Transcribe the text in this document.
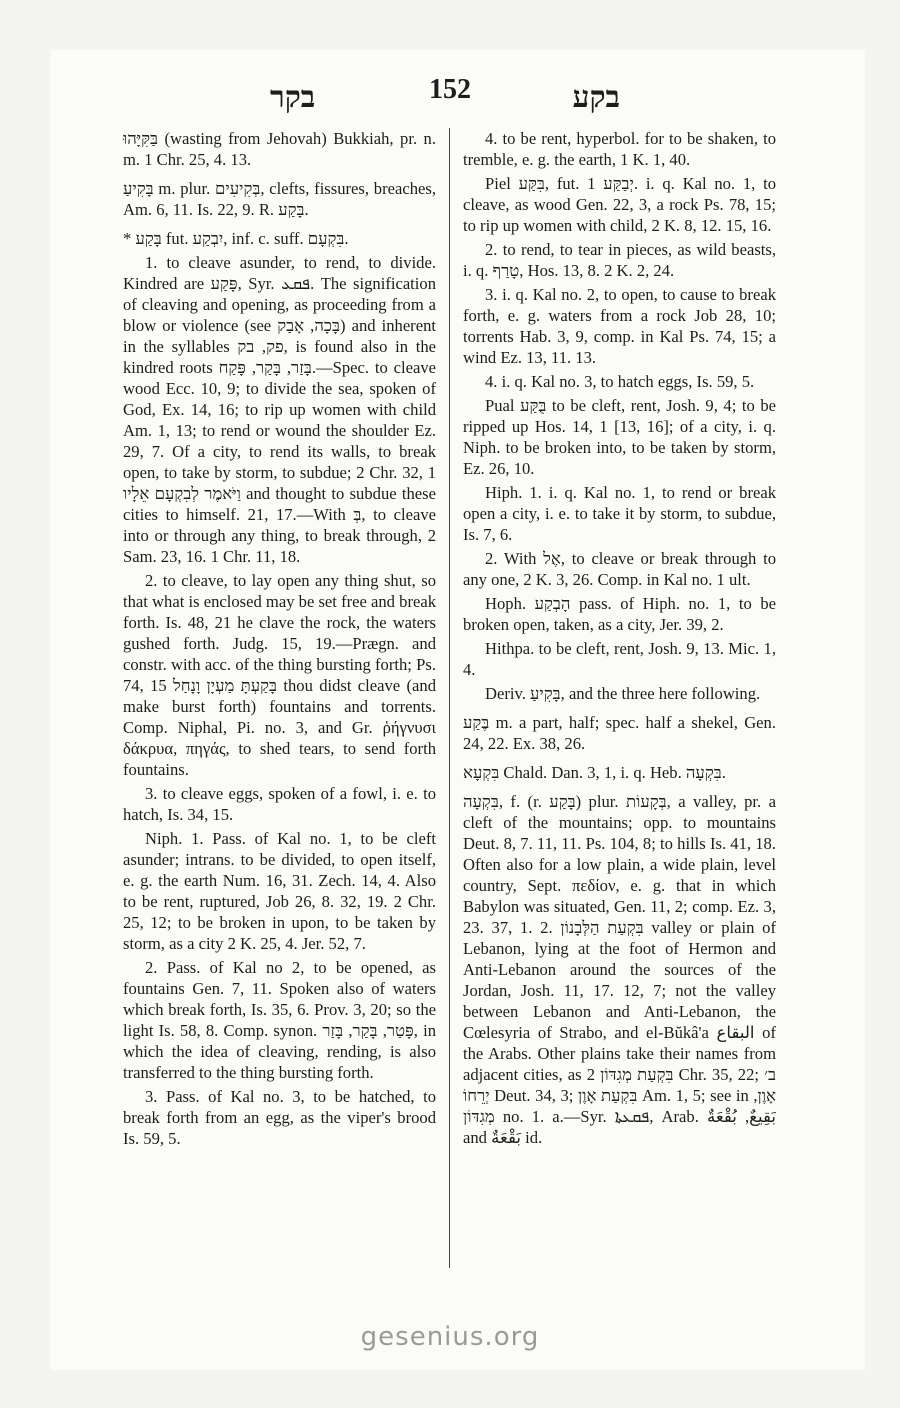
בקר	152	בקע

בַּקִּיָּהוּ (wasting from Jehovah) Bukkiah, pr. n. m. 1 Chr. 25, 4. 13.

בָּקִיעַ m. plur. בְּקִיעִים, clefts, fissures, breaches, Am. 6, 11. Is. 22, 9. R. בָּקַע.

* בָּקַע fut. יִבְקַע, inf. c. suff. בִּקְעָם.

1. to cleave asunder, to rend, to divide. Kindred are פָּקַע, Syr. ܦܩܥ. The signification of cleaving and opening, as proceeding from a blow or violence (see בָּכָה, אָבַק) and inherent in the syllables פק, בק, is found also in the kindred roots בָּזַר, בָּקַר, פָּקַח.—Spec. to cleave wood Ecc. 10, 9; to divide the sea, spoken of God, Ex. 14, 16; to rip up women with child Am. 1, 13; to rend or wound the shoulder Ez. 29, 7. Of a city, to rend its walls, to break open, to take by storm, to subdue; 2 Chr. 32, 1 וַיֹּאמֶר לְבִקְעָם אֵלָיו and thought to subdue these cities to himself. 21, 17.—With בְּ, to cleave into or through any thing, to break through, 2 Sam. 23, 16. 1 Chr. 11, 18.

2. to cleave, to lay open any thing shut, so that what is enclosed may be set free and break forth. Is. 48, 21 he clave the rock, the waters gushed forth. Judg. 15, 19.—Prægn. and constr. with acc. of the thing bursting forth; Ps. 74, 15 בָּקַעְתָּ מַעְיָן וָנָחַל thou didst cleave (and make burst forth) fountains and torrents. Comp. Niphal, Pi. no. 3, and Gr. ῥήγνυσι δάκρυα, πηγάς, to shed tears, to send forth fountains.

3. to cleave eggs, spoken of a fowl, i. e. to hatch, Is. 34, 15.

Niph. 1. Pass. of Kal no. 1, to be cleft asunder; intrans. to be divided, to open itself, e. g. the earth Num. 16, 31. Zech. 14, 4. Also to be rent, ruptured, Job 26, 8. 32, 19. 2 Chr. 25, 12; to be broken in upon, to be taken by storm, as a city 2 K. 25, 4. Jer. 52, 7.

2. Pass. of Kal no 2, to be opened, as fountains Gen. 7, 11. Spoken also of waters which break forth, Is. 35, 6. Prov. 3, 20; so the light Is. 58, 8. Comp. synon. פָּטַר, בָּקַר, בָּזַר, in which the idea of cleaving, rending, is also transferred to the thing bursting forth.

3. Pass. of Kal no. 3, to be hatched, to break forth from an egg, as the viper's brood Is. 59, 5.

4. to be rent, hyperbol. for to be shaken, to tremble, e. g. the earth, 1 K. 1, 40.

Piel בִּקַּע, fut. יְבַקַּע 1. i. q. Kal no. 1, to cleave, as wood Gen. 22, 3, a rock Ps. 78, 15; to rip up women with child, 2 K. 8, 12. 15, 16.

2. to rend, to tear in pieces, as wild beasts, i. q. טָרַף, Hos. 13, 8. 2 K. 2, 24.

3. i. q. Kal no. 2, to open, to cause to break forth, e. g. waters from a rock Job 28, 10; torrents Hab. 3, 9, comp. in Kal Ps. 74, 15; a wind Ez. 13, 11. 13.

4. i. q. Kal no. 3, to hatch eggs, Is. 59, 5.

Pual בֻּקַּע to be cleft, rent, Josh. 9, 4; to be ripped up Hos. 14, 1 [13, 16]; of a city, i. q. Niph. to be broken into, to be taken by storm, Ez. 26, 10.

Hiph. 1. i. q. Kal no. 1, to rend or break open a city, i. e. to take it by storm, to subdue, Is. 7, 6.

2. With אֶל, to cleave or break through to any one, 2 K. 3, 26. Comp. in Kal no. 1 ult.

Hoph. הָבְקַע pass. of Hiph. no. 1, to be broken open, taken, as a city, Jer. 39, 2.

Hithpa. to be cleft, rent, Josh. 9, 13. Mic. 1, 4.

Deriv. בָּקִיעַ, and the three here following.

בֶּקַע m. a part, half; spec. half a shekel, Gen. 24, 22. Ex. 38, 26.

בִּקְעָא Chald. Dan. 3, 1, i. q. Heb. בִּקְעָה.

בִּקְעָה, f. (r. בָּקַע) plur. בְּקָעוֹת, a valley, pr. a cleft of the mountains; opp. to mountains Deut. 8, 7. 11, 11. Ps. 104, 8; to hills Is. 41, 18. Often also for a low plain, a wide plain, level country, Sept. πεδίον, e. g. that in which Babylon was situated, Gen. 11, 2; comp. Ez. 3, 23. 37, 1. 2. בִּקְעַת הַלְּבָנוֹן valley or plain of Lebanon, lying at the foot of Hermon and Anti-Lebanon around the sources of the Jordan, Josh. 11, 17. 12, 7; not the valley between Lebanon and Anti-Lebanon, the Cœlesyria of Strabo, and el-Bŭkâ'a البقاع of the Arabs. Other plains take their names from adjacent cities, as בִּקְעַת מְגִדּוֹן 2 Chr. 35, 22; ב׳ יְרֵחוֹ Deut. 34, 3; בִּקְעַת אָוֶן Am. 1, 5; see in אָוֶן, מְגִדּוֹן no. 1. a.—Syr. ܦܩܥܬܐ, Arab. بَقِيعٌ, بُقْعَةٌ and بَقْعَةٌ id.

gesenius.org
